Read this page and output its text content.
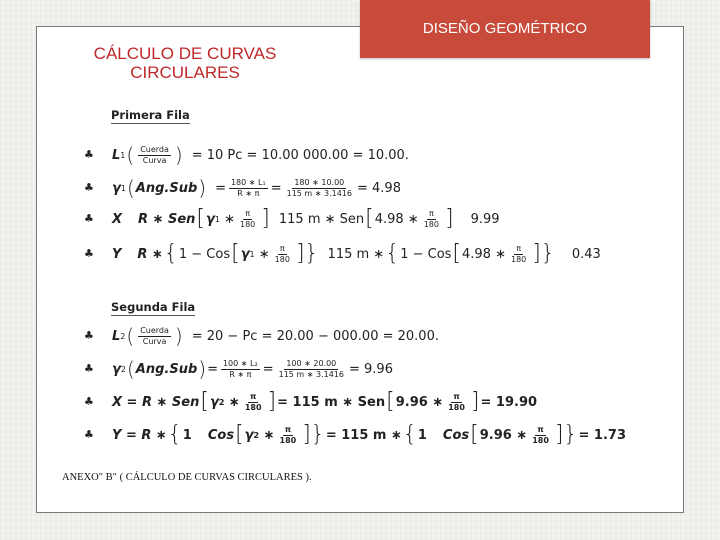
DISEÑO GEOMÉTRICO
CÁLCULO DE CURVAS CIRCULARES
Primera Fila
♣ L 1 ( $\frac{\text{Cuerda}}{\text{Curva}}$ ) = 10 Pc = 10.00 000.00 = 10.00.
♣ γ 1 ( Ang.Sub ) = $\frac{\text{180 ∗ L₁}}{R ∗ \pi} = \frac{180 ∗ 10.00}{115 m ∗ 3.1416} = 4.98$
♣ X R ∗ Sen [ γ 1 ∗ $\frac{\pi}{180}$ ] 115 m ∗ Sen [ 4.98 ∗ $\frac{\pi}{180}$ ] 9.99
♣ Y R ∗ { 1 − Cos [ γ 1 ∗ $\frac{\pi}{180}$ ]} 115 m ∗ { 1 − Cos [ 4.98 ∗ $\frac{\pi}{180}$ ]} 0.43
Segunda Fila
♣ L 2 ( $\frac{\text{Cuerda}}{\text{Curva}}$ ) = 20 − Pc = 20.00 − 000.00 = 20.00.
♣ γ 2 ( Ang.Sub ) = $\frac{\text{100 ∗ L₂}}{R ∗ \pi} = \frac{100 ∗ 20.00}{115 m ∗ 3.1416} = 9.96$
♣ X = R ∗ Sen [ γ 2 ∗ $\frac{\pi}{180}$ ] = 115 m ∗ Sen [ 9.96 ∗ $\frac{\pi}{180}$ ] = 19.90
♣ Y = R ∗ { 1 Cos [ γ 2 ∗ $\frac{\pi}{180}$ ]} = 115 m ∗ { 1 Cos [ 9.96 ∗ $\frac{\pi}{180}$ ]} = 1.73
ANEXO" B" ( CÁLCULO DE CURVAS CIRCULARES ).
